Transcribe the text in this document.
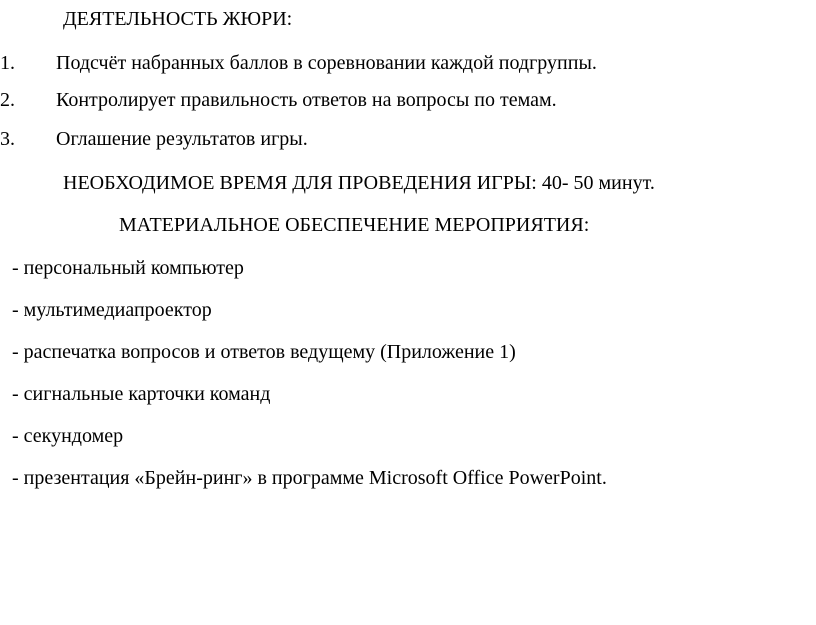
ДЕЯТЕЛЬНОСТЬ ЖЮРИ:
1. Подсчёт набранных баллов в соревновании каждой подгруппы.
2. Контролирует правильность ответов на вопросы по темам.
3. Оглашение результатов игры.
НЕОБХОДИМОЕ ВРЕМЯ ДЛЯ ПРОВЕДЕНИЯ ИГРЫ: 40- 50 минут.
МАТЕРИАЛЬНОЕ ОБЕСПЕЧЕНИЕ МЕРОПРИЯТИЯ:
- персональный компьютер
- мультимедиапроектор
- распечатка вопросов и ответов ведущему (Приложение 1)
- сигнальные карточки команд
- секундомер
- презентация «Брейн-ринг» в программе Microsoft Office PowerPoint.
